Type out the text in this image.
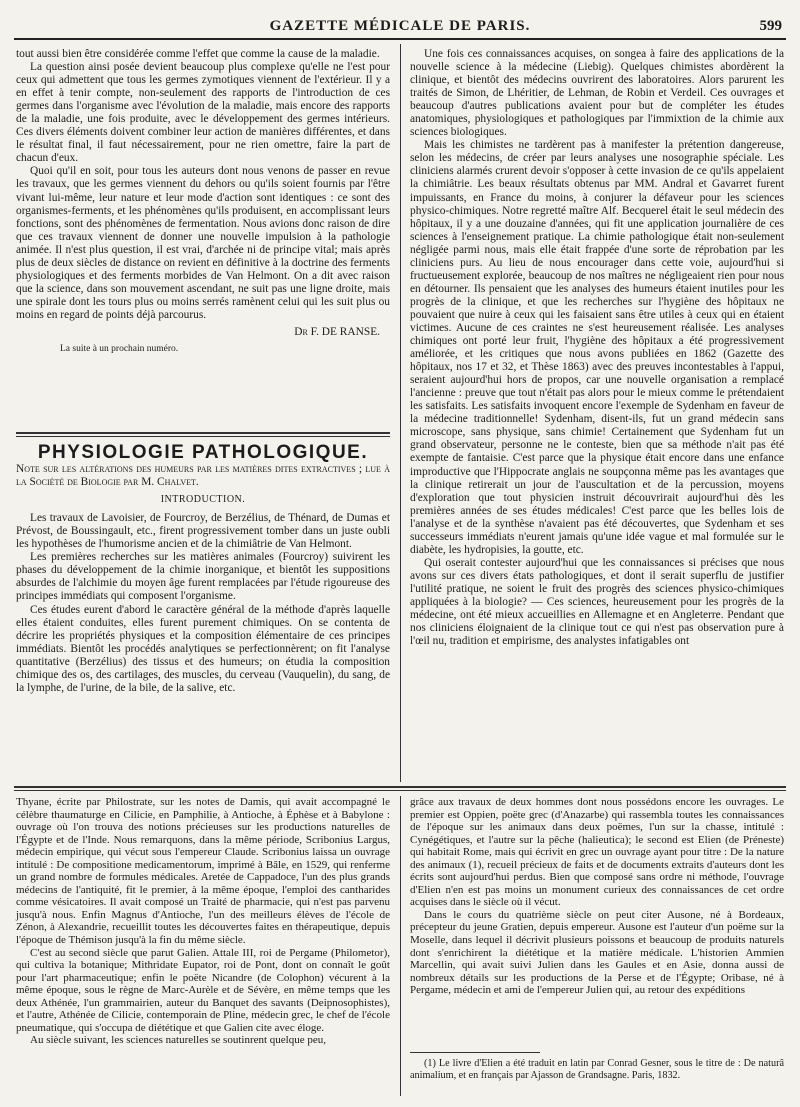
GAZETTE MÉDICALE DE PARIS.	599

tout aussi bien être considérée comme l'effet que comme la cause de la maladie.

La question ainsi posée devient beaucoup plus complexe qu'elle ne l'est pour ceux qui admettent que tous les germes zymotiques viennent de l'extérieur. Il y a en effet à tenir compte, non-seulement des rapports de l'introduction de ces germes dans l'organisme avec l'évolution de la maladie, mais encore des rapports de la maladie, une fois produite, avec le développement des germes intérieurs. Ces divers éléments doivent combiner leur action de manières différentes, et dans le résultat final, il faut nécessairement, pour ne rien omettre, faire la part de chacun d'eux.

Quoi qu'il en soit, pour tous les auteurs dont nous venons de passer en revue les travaux, que les germes viennent du dehors ou qu'ils soient fournis par l'être vivant lui-même, leur nature et leur mode d'action sont identiques : ce sont des organismes-ferments, et les phénomènes qu'ils produisent, en accomplissant leurs fonctions, sont des phénomènes de fermentation. Nous avions donc raison de dire que ces travaux viennent de donner une nouvelle impulsion à la pathologie animée. Il n'est plus question, il est vrai, d'archée ni de principe vital; mais après plus de deux siècles de distance on revient en définitive à la doctrine des ferments physiologiques et des ferments morbides de Van Helmont. On a dit avec raison que la science, dans son mouvement ascendant, ne suit pas une ligne droite, mais une spirale dont les tours plus ou moins serrés ramènent celui qui les suit plus ou moins en regard de points déjà parcourus.

Dr F. DE RANSE.
La suite à un prochain numéro.
PHYSIOLOGIE PATHOLOGIQUE.

Note sur les altérations des humeurs par les matières dites extractives ; lue à la Société de Biologie par M. Chalvet.

INTRODUCTION.

Les travaux de Lavoisier, de Fourcroy, de Berzélius, de Thénard, de Dumas et Prévost, de Boussingault, etc., firent progressivement tomber dans un juste oubli les hypothèses de l'humorisme ancien et de la chimiâtrie de Van Helmont.

Les premières recherches sur les matières animales (Fourcroy) suivirent les phases du développement de la chimie inorganique, et bientôt les suppositions absurdes de l'alchimie du moyen âge furent remplacées par l'étude rigoureuse des principes immédiats qui composent l'organisme.

Ces études eurent d'abord le caractère général de la méthode d'après laquelle elles étaient conduites, elles furent purement chimiques. On se contenta de décrire les propriétés physiques et la composition élémentaire de ces principes immédiats. Bientôt les procédés analytiques se perfectionnèrent; on fit l'analyse quantitative (Berzélius) des tissus et des humeurs; on étudia la composition chimique des os, des cartilages, des muscles, du cerveau (Vauquelin), du sang, de la lymphe, de l'urine, de la bile, de la salive, etc.

Une fois ces connaissances acquises, on songea à faire des applications de la nouvelle science à la médecine (Liebig). Quelques chimistes abordèrent la clinique, et bientôt des médecins ouvrirent des laboratoires. Alors parurent les traités de Simon, de Lhéritier, de Lehman, de Robin et Verdeil. Ces ouvrages et beaucoup d'autres publications avaient pour but de compléter les études anatomiques, physiologiques et pathologiques par l'immixtion de la chimie aux sciences biologiques.

Mais les chimistes ne tardèrent pas à manifester la prétention dangereuse, selon les médecins, de créer par leurs analyses une nosographie spéciale. Les cliniciens alarmés crurent devoir s'opposer à cette invasion de ce qu'ils appelaient la chimiâtrie. Les beaux résultats obtenus par MM. Andral et Gavarret furent impuissants, en France du moins, à conjurer la défaveur pour les sciences physico-chimiques. Notre regretté maître Alf. Becquerel était le seul médecin des hôpitaux, il y a une douzaine d'années, qui fit une application journalière de ces sciences à l'enseignement pratique. La chimie pathologique était non-seulement négligée parmi nous, mais elle était frappée d'une sorte de réprobation par les cliniciens purs. Au lieu de nous encourager dans cette voie, aujourd'hui si fructueusement explorée, beaucoup de nos maîtres ne négligeaient rien pour nous en détourner. Ils pensaient que les analyses des humeurs étaient inutiles pour les progrès de la clinique, et que les recherches sur l'hygiène des hôpitaux ne pouvaient que nuire à ceux qui les faisaient sans être utiles à ceux qui en étaient victimes. Aucune de ces craintes ne s'est heureusement réalisée. Les analyses chimiques ont porté leur fruit, l'hygiène des hôpitaux a été progressivement améliorée, et les critiques que nous avons publiées en 1862 (Gazette des hôpitaux, nos 17 et 32, et Thèse 1863) avec des preuves incontestables à l'appui, seraient aujourd'hui hors de propos, car une nouvelle organisation a remplacé l'ancienne : preuve que tout n'était pas alors pour le mieux comme le prétendaient les satisfaits. Les satisfaits invoquent encore l'exemple de Sydenham en faveur de la médecine traditionnelle! Sydenham, disent-ils, fut un grand médecin sans microscope, sans physique, sans chimie! Certainement que Sydenham fut un grand observateur, personne ne le conteste, bien que sa méthode n'ait pas été exempte de fantaisie. C'est parce que la physique était encore dans une enfance improductive que l'Hippocrate anglais ne soupçonna même pas les avantages que la clinique retirerait un jour de l'auscultation et de la percussion, moyens d'exploration que tout physicien instruit découvrirait aujourd'hui dès les premières années de ses études médicales! C'est parce que les belles lois de l'analyse et de la synthèse n'avaient pas été découvertes, que Sydenham et ses successeurs immédiats n'eurent jamais qu'une idée vague et mal formulée sur le diabète, les hydropisies, la goutte, etc.

Qui oserait contester aujourd'hui que les connaissances si précises que nous avons sur ces divers états pathologiques, et dont il serait superflu de justifier l'utilité pratique, ne soient le fruit des progrès des sciences physico-chimiques appliquées à la biologie? — Ces sciences, heureusement pour les progrès de la médecine, ont été mieux accueillies en Allemagne et en Angleterre. Pendant que nos cliniciens éloignaient de la clinique tout ce qui n'est pas observation pure à l'œil nu, tradition et empirisme, des analystes infatigables ont

Thyane, écrite par Philostrate, sur les notes de Damis, qui avait accompagné le célèbre thaumaturge en Cilicie, en Pamphilie, à Antioche, à Éphèse et à Babylone : ouvrage où l'on trouva des notions précieuses sur les productions naturelles de l'Égypte et de l'Inde. Nous remarquons, dans la même période, Scribonius Largus, médecin empirique, qui vécut sous l'empereur Claude. Scribonius laissa un ouvrage intitulé : De compositione medicamentorum, imprimé à Bâle, en 1529, qui renferme un grand nombre de formules médicales. Aretée de Cappadoce, l'un des plus grands médecins de l'antiquité, fit le premier, à la même époque, l'emploi des cantharides comme vésicatoires. Il avait composé un Traité de pharmacie, qui n'est pas parvenu jusqu'à nous. Enfin Magnus d'Antioche, l'un des meilleurs élèves de l'école de Zénon, à Alexandrie, recueillit toutes les découvertes faites en thérapeutique, depuis l'époque de Thémison jusqu'à la fin du même siècle.

C'est au second siècle que parut Galien. Attale III, roi de Pergame (Philometor), qui cultiva la botanique; Mithridate Eupator, roi de Pont, dont on connaît le goût pour l'art pharmaceutique; enfin le poëte Nicandre (de Colophon) vécurent à la même époque, sous le règne de Marc-Aurèle et de Sévère, en même temps que les deux Athénée, l'un grammairien, auteur du Banquet des savants (Deipnosophistes), et l'autre, Athénée de Cilicie, contemporain de Pline, médecin grec, le chef de l'école pneumatique, qui s'occupa de diététique et que Galien cite avec éloge.

Au siècle suivant, les sciences naturelles se soutinrent quelque peu,

grâce aux travaux de deux hommes dont nous possédons encore les ouvrages. Le premier est Oppien, poëte grec (d'Anazarbe) qui rassembla toutes les connaissances de l'époque sur les animaux dans deux poëmes, l'un sur la chasse, intitulé : Cynégétiques, et l'autre sur la pêche (halieutica); le second est Elien (de Préneste) qui habitait Rome, mais qui écrivit en grec un ouvrage ayant pour titre : De la nature des animaux (1), recueil précieux de faits et de documents extraits d'auteurs dont les écrits sont aujourd'hui perdus. Bien que composé sans ordre ni méthode, l'ouvrage d'Elien n'en est pas moins un monument curieux des connaissances de cet ordre acquises dans le siècle où il vécut.

Dans le cours du quatrième siècle on peut citer Ausone, né à Bordeaux, précepteur du jeune Gratien, depuis empereur. Ausone est l'auteur d'un poëme sur la Moselle, dans lequel il décrivit plusieurs poissons et beaucoup de produits naturels dont s'enrichirent la diététique et la matière médicale. L'historien Ammien Marcellin, qui avait suivi Julien dans les Gaules et en Asie, donna aussi de nombreux détails sur les productions de la Perse et de l'Égypte; Oribase, né à Pergame, médecin et ami de l'empereur Julien qui, au retour des expéditions

(1) Le livre d'Elien a été traduit en latin par Conrad Gesner, sous le titre de : De naturâ animalium, et en français par Ajasson de Grandsagne. Paris, 1832.
